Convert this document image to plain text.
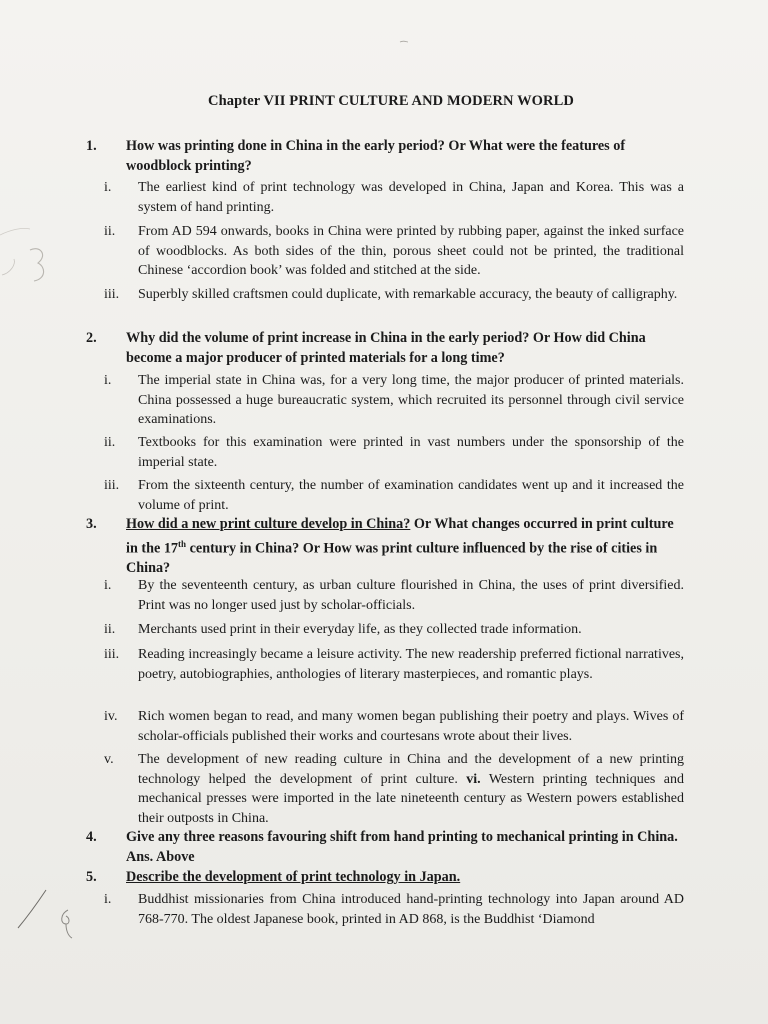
Chapter VII PRINT CULTURE AND MODERN WORLD
1. How was printing done in China in the early period? Or What were the features of woodblock printing?
i.	The earliest kind of print technology was developed in China, Japan and Korea. This was a system of hand printing.
ii.	From AD 594 onwards, books in China were printed by rubbing paper, against the inked surface of woodblocks. As both sides of the thin, porous sheet could not be printed, the traditional Chinese ‘accordion book’ was folded and stitched at the side.
iii.	Superbly skilled craftsmen could duplicate, with remarkable accuracy, the beauty of calligraphy.
2. Why did the volume of print increase in China in the early period? Or How did China become a major producer of printed materials for a long time?
i.	The imperial state in China was, for a very long time, the major producer of printed materials. China possessed a huge bureaucratic system, which recruited its personnel through civil service examinations.
ii.	Textbooks for this examination were printed in vast numbers under the sponsorship of the imperial state.
iii.	From the sixteenth century, the number of examination candidates went up and it increased the volume of print.
3. How did a new print culture develop in China? Or What changes occurred in print culture in the 17th century in China? Or How was print culture influenced by the rise of cities in China?
i.	By the seventeenth century, as urban culture flourished in China, the uses of print diversified. Print was no longer used just by scholar-officials.
ii.	Merchants used print in their everyday life, as they collected trade information.
iii.	Reading increasingly became a leisure activity. The new readership preferred fictional narratives, poetry, autobiographies, anthologies of literary masterpieces, and romantic plays.
iv.	Rich women began to read, and many women began publishing their poetry and plays. Wives of scholar-officials published their works and courtesans wrote about their lives.
v.	The development of new reading culture in China and the development of a new printing technology helped the development of print culture. vi. Western printing techniques and mechanical presses were imported in the late nineteenth century as Western powers established their outposts in China.
4. Give any three reasons favouring shift from hand printing to mechanical printing in China. Ans. Above
5. Describe the development of print technology in Japan.
i.	Buddhist missionaries from China introduced hand-printing technology into Japan around AD 768-770. The oldest Japanese book, printed in AD 868, is the Buddhist ‘Diamond
